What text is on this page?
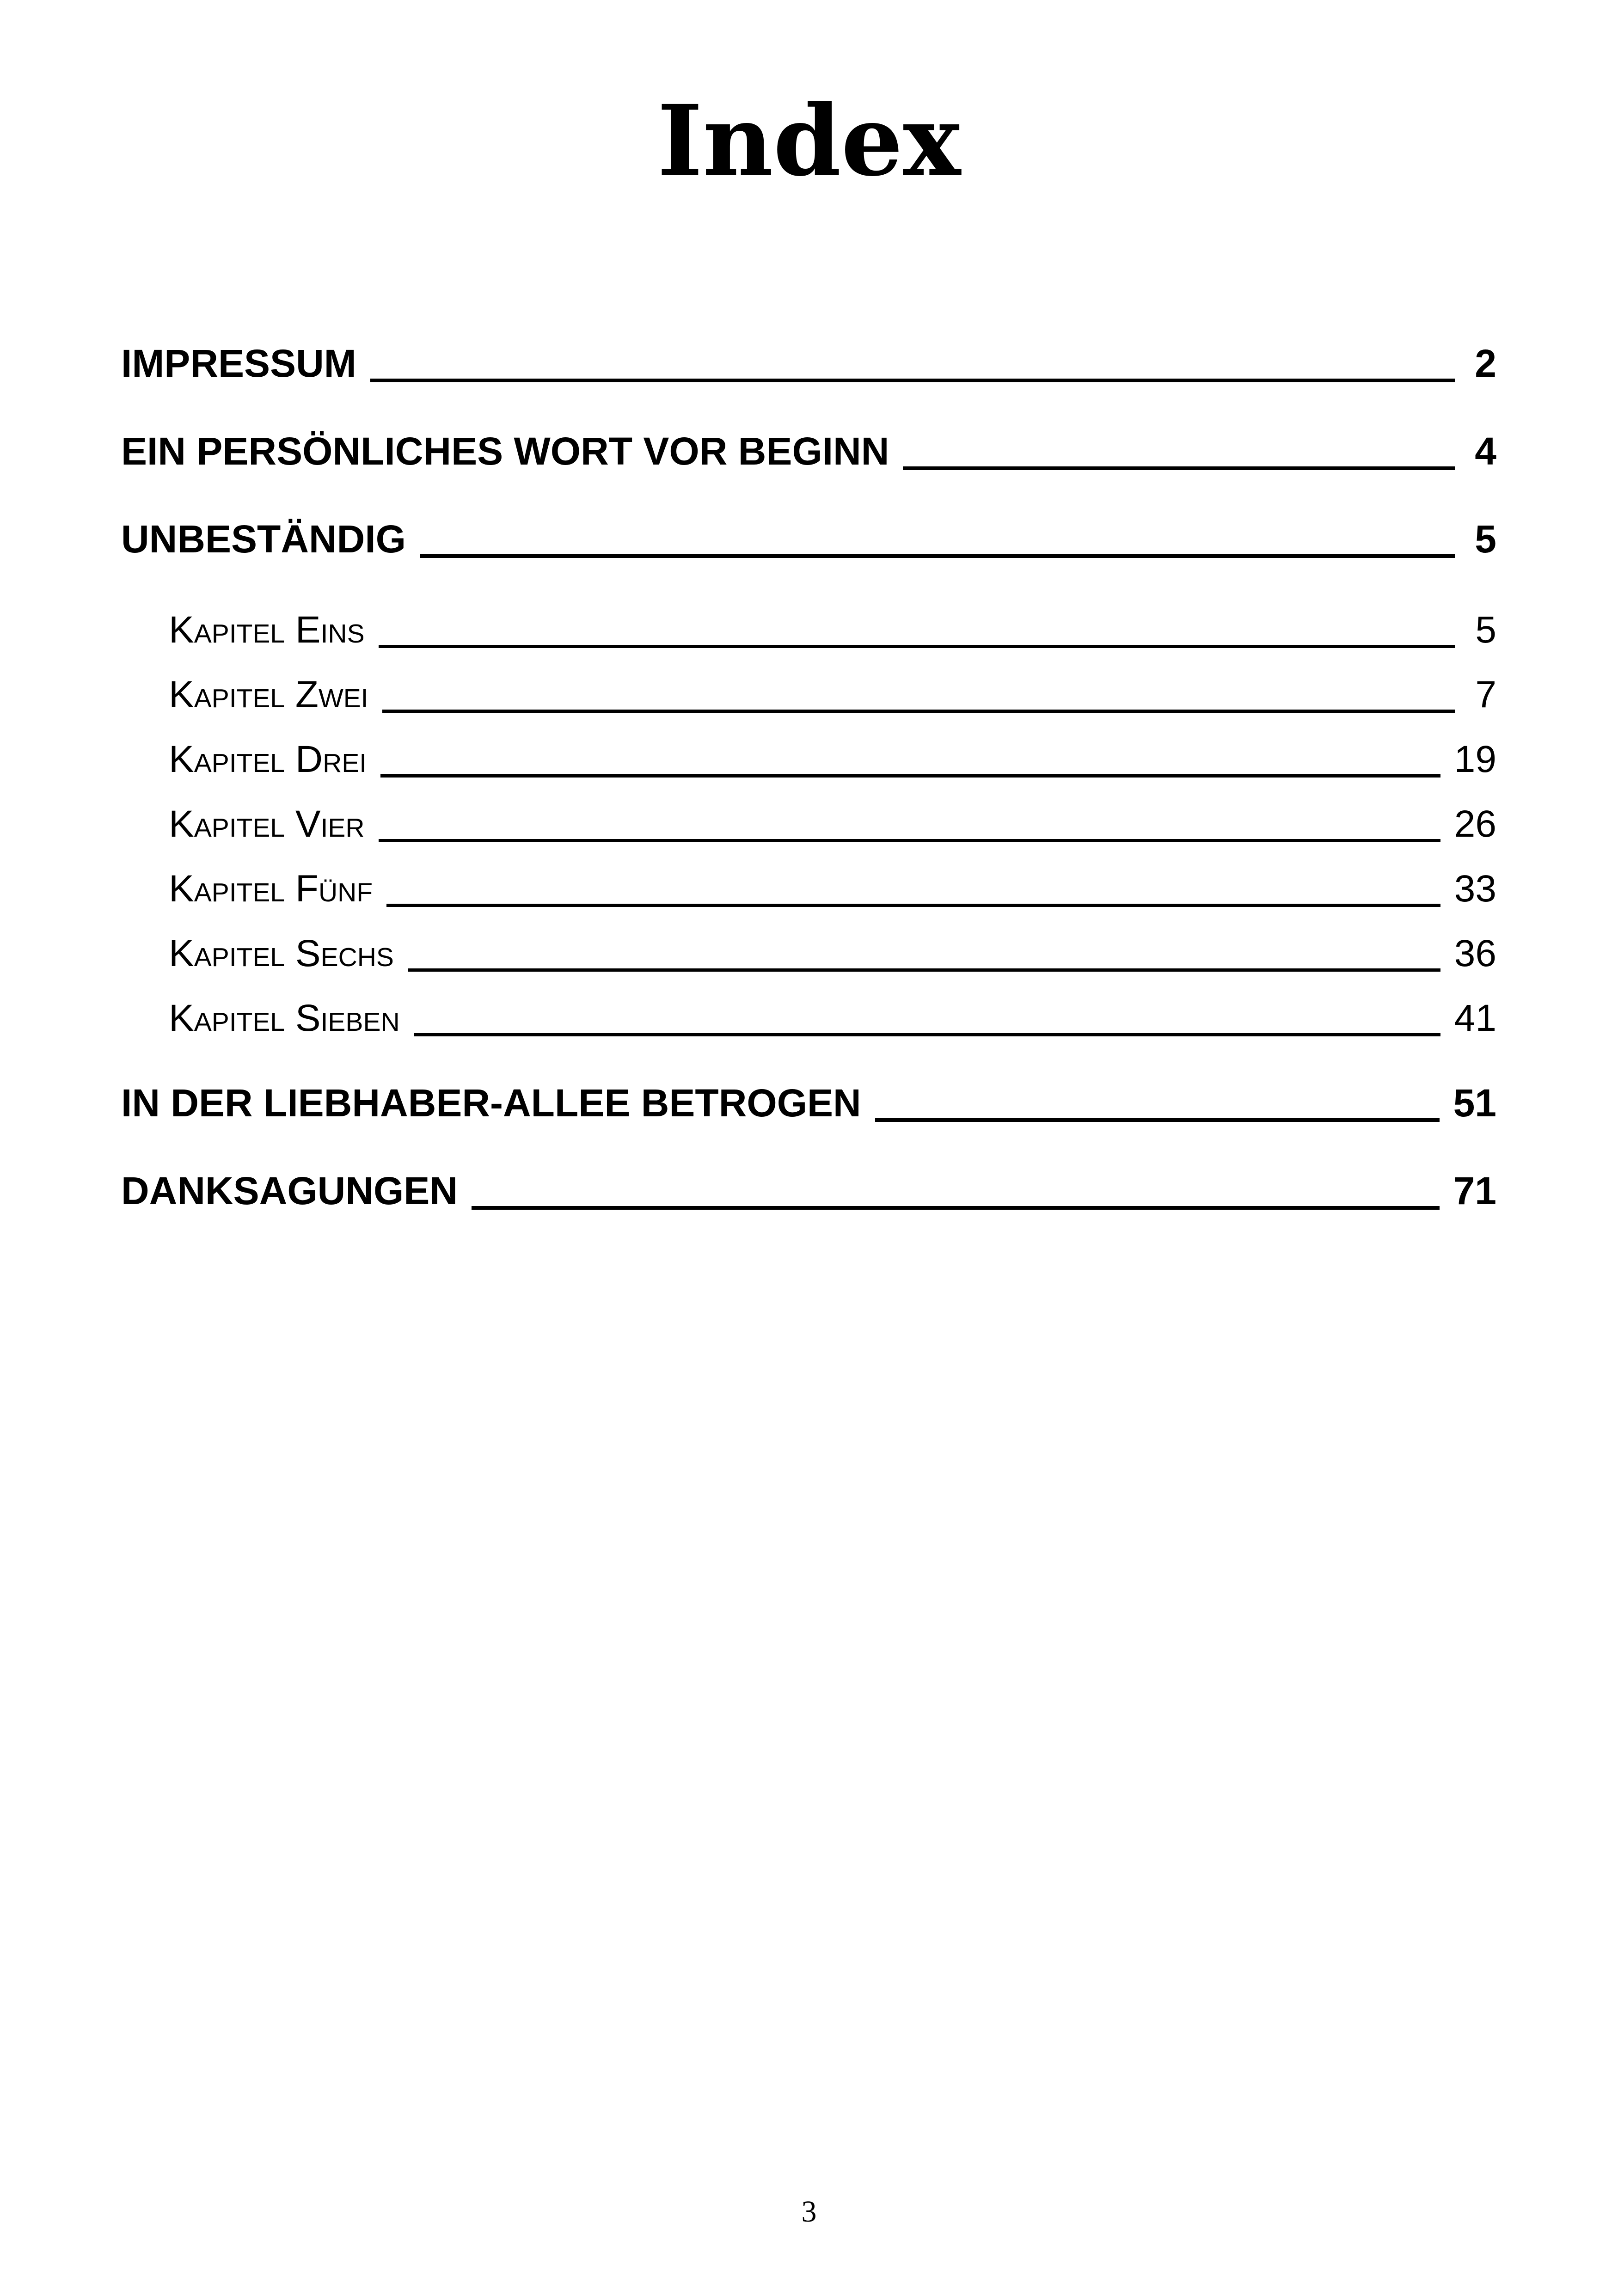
Index
IMPRESSUM	2
EIN PERSÖNLICHES WORT VOR BEGINN	4
UNBESTÄNDIG	5
Kapitel Eins	5
Kapitel Zwei	7
Kapitel Drei	19
Kapitel Vier	26
Kapitel Fünf	33
Kapitel Sechs	36
Kapitel Sieben	41
IN DER LIEBHABER-ALLEE BETROGEN	51
DANKSAGUNGEN	71
3
